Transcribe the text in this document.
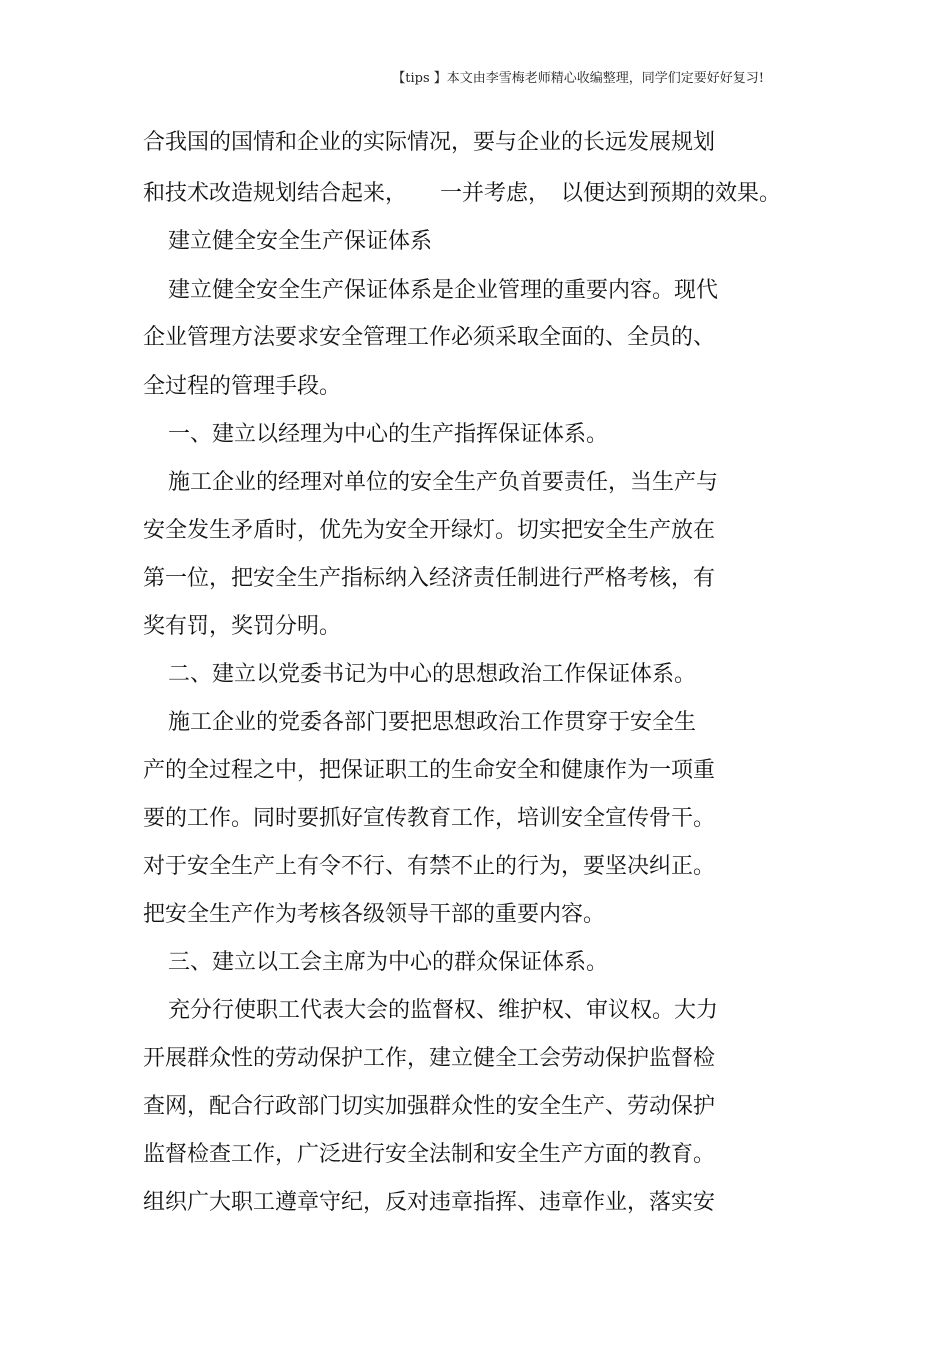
【tips 】本文由李雪梅老师精心收编整理，同学们定要好好复习!
合我国的国情和企业的实际情况，要与企业的长远发展规划
和技术改造规划结合起来，　　一并考虑，　以便达到预期的效果。
建立健全安全生产保证体系
建立健全安全生产保证体系是企业管理的重要内容。现代
企业管理方法要求安全管理工作必须采取全面的、全员的、
全过程的管理手段。
一、建立以经理为中心的生产指挥保证体系。
施工企业的经理对单位的安全生产负首要责任，当生产与
安全发生矛盾时，优先为安全开绿灯。切实把安全生产放在
第一位，把安全生产指标纳入经济责任制进行严格考核，有
奖有罚，奖罚分明。
二、建立以党委书记为中心的思想政治工作保证体系。
施工企业的党委各部门要把思想政治工作贯穿于安全生
产的全过程之中，把保证职工的生命安全和健康作为一项重
要的工作。同时要抓好宣传教育工作，培训安全宣传骨干。
对于安全生产上有令不行、有禁不止的行为，要坚决纠正。
把安全生产作为考核各级领导干部的重要内容。
三、建立以工会主席为中心的群众保证体系。
充分行使职工代表大会的监督权、维护权、审议权。大力
开展群众性的劳动保护工作，建立健全工会劳动保护监督检
查网，配合行政部门切实加强群众性的安全生产、劳动保护
监督检查工作，广泛进行安全法制和安全生产方面的教育。
组织广大职工遵章守纪，反对违章指挥、违章作业，落实安
